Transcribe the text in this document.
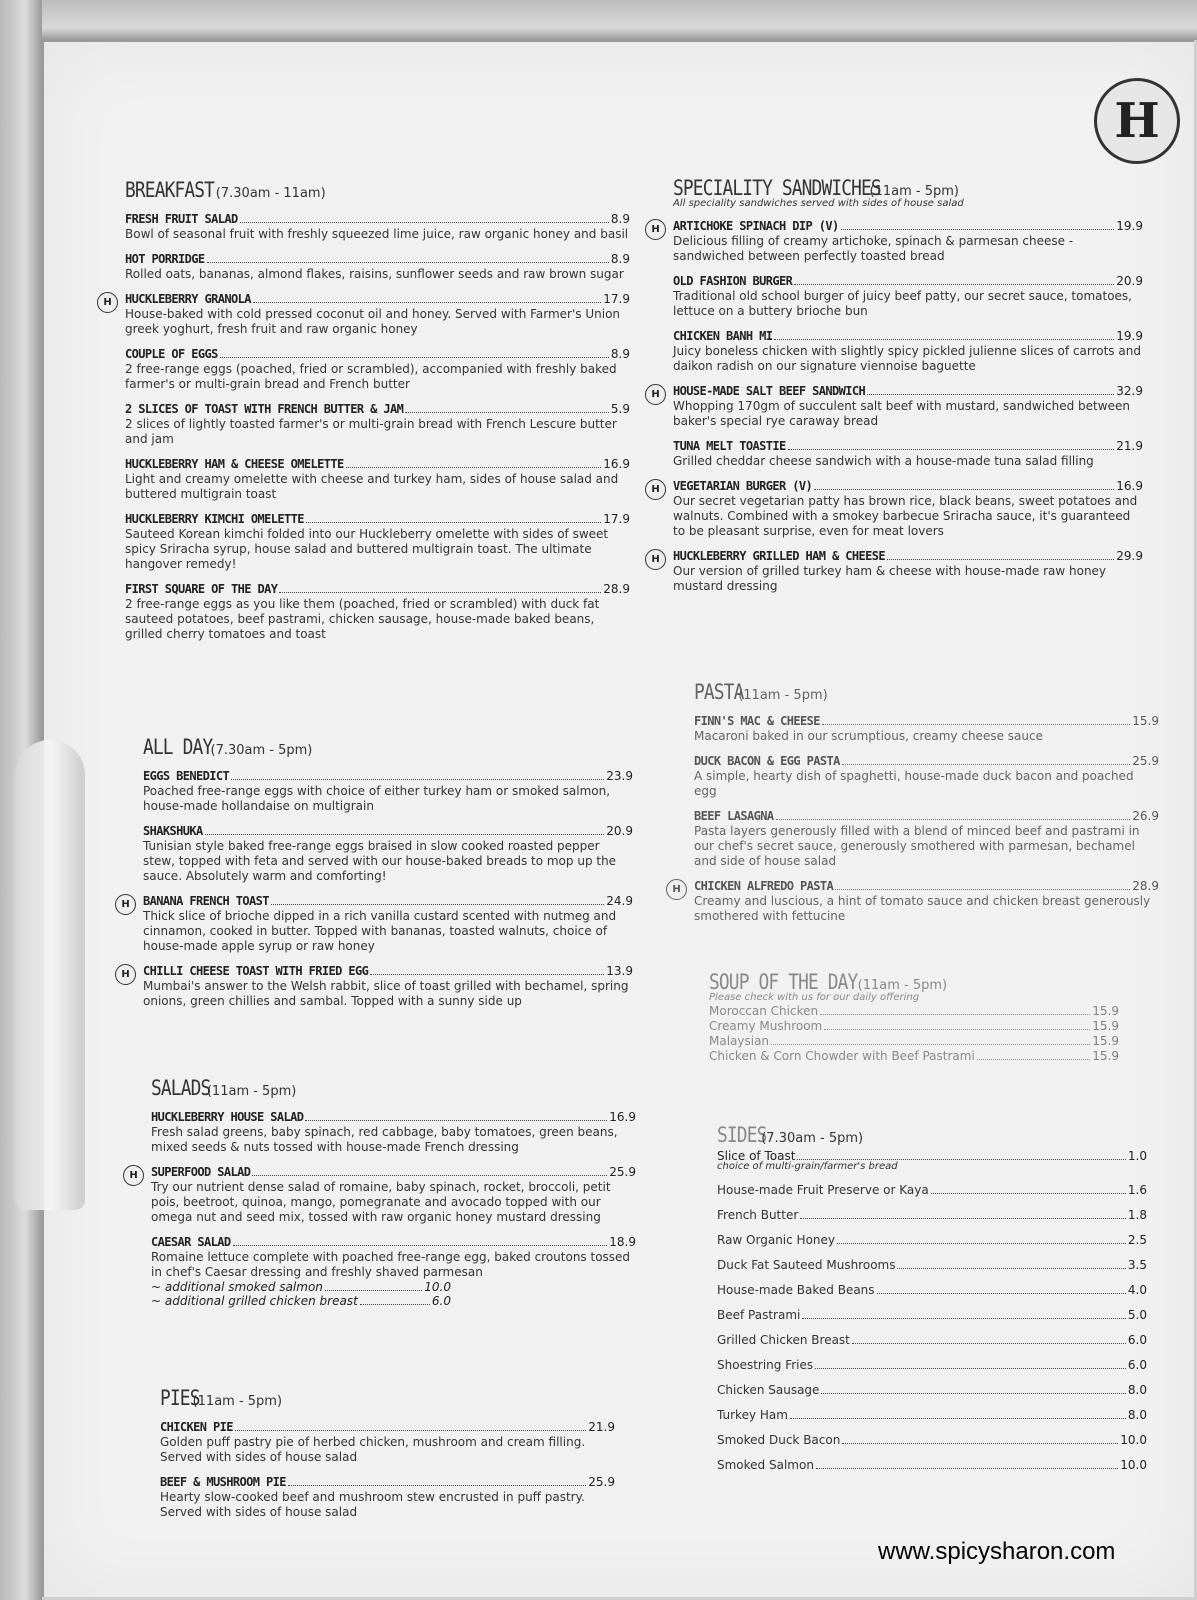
H
BREAKFAST (7.30am - 11am)
FRESH FRUIT SALAD	8.9
Bowl of seasonal fruit with freshly squeezed lime juice, raw organic honey and basil
HOT PORRIDGE	8.9
Rolled oats, bananas, almond flakes, raisins, sunflower seeds and raw brown sugar
H	HUCKLEBERRY GRANOLA	17.9
House-baked with cold pressed coconut oil and honey. Served with Farmer's Union greek yoghurt, fresh fruit and raw organic honey
COUPLE OF EGGS	8.9
2 free-range eggs (poached, fried or scrambled), accompanied with freshly baked farmer's or multi-grain bread and French butter
2 SLICES OF TOAST WITH FRENCH BUTTER & JAM	5.9
2 slices of lightly toasted farmer's or multi-grain bread with French Lescure butter and jam
HUCKLEBERRY HAM & CHEESE OMELETTE	16.9
Light and creamy omelette with cheese and turkey ham, sides of house salad and buttered multigrain toast
HUCKLEBERRY KIMCHI OMELETTE	17.9
Sauteed Korean kimchi folded into our Huckleberry omelette with sides of sweet spicy Sriracha syrup, house salad and buttered multigrain toast. The ultimate hangover remedy!
FIRST SQUARE OF THE DAY	28.9
2 free-range eggs as you like them (poached, fried or scrambled) with duck fat sauteed potatoes, beef pastrami, chicken sausage, house-made baked beans, grilled cherry tomatoes and toast
ALL DAY(7.30am - 5pm)
EGGS BENEDICT	23.9
Poached free-range eggs with choice of either turkey ham or smoked salmon, house-made hollandaise on multigrain
SHAKSHUKA	20.9
Tunisian style baked free-range eggs braised in slow cooked roasted pepper stew, topped with feta and served with our house-baked breads to mop up the sauce. Absolutely warm and comforting!
H	BANANA FRENCH TOAST	24.9
Thick slice of brioche dipped in a rich vanilla custard scented with nutmeg and cinnamon, cooked in butter. Topped with bananas, toasted walnuts, choice of house-made apple syrup or raw honey
H	CHILLI CHEESE TOAST WITH FRIED EGG	13.9
Mumbai's answer to the Welsh rabbit, slice of toast grilled with bechamel, spring onions, green chillies and sambal. Topped with a sunny side up
SALADS(11am - 5pm)
HUCKLEBERRY HOUSE SALAD	16.9
Fresh salad greens, baby spinach, red cabbage, baby tomatoes, green beans, mixed seeds & nuts tossed with house-made French dressing
H	SUPERFOOD SALAD	25.9
Try our nutrient dense salad of romaine, baby spinach, rocket, broccoli, petit pois, beetroot, quinoa, mango, pomegranate and avocado topped with our omega nut and seed mix, tossed with raw organic honey mustard dressing
CAESAR SALAD	18.9
Romaine lettuce complete with poached free-range egg, baked croutons tossed in chef's Caesar dressing and freshly shaved parmesan
~ additional smoked salmon	10.0
~ additional grilled chicken breast	6.0
PIES(11am - 5pm)
CHICKEN PIE	21.9
Golden puff pastry pie of herbed chicken, mushroom and cream filling. Served with sides of house salad
BEEF & MUSHROOM PIE	25.9
Hearty slow-cooked beef and mushroom stew encrusted in puff pastry. Served with sides of house salad
SPECIALITY SANDWICHES(11am - 5pm)
All speciality sandwiches served with sides of house salad
H	ARTICHOKE SPINACH DIP (V)	19.9
Delicious filling of creamy artichoke, spinach & parmesan cheese - sandwiched between perfectly toasted bread
OLD FASHION BURGER	20.9
Traditional old school burger of juicy beef patty, our secret sauce, tomatoes, lettuce on a buttery brioche bun
CHICKEN BANH MI	19.9
Juicy boneless chicken with slightly spicy pickled julienne slices of carrots and daikon radish on our signature viennoise baguette
H	HOUSE-MADE SALT BEEF SANDWICH	32.9
Whopping 170gm of succulent salt beef with mustard, sandwiched between baker's special rye caraway bread
TUNA MELT TOASTIE	21.9
Grilled cheddar cheese sandwich with a house-made tuna salad filling
H	VEGETARIAN BURGER (V)	16.9
Our secret vegetarian patty has brown rice, black beans, sweet potatoes and walnuts. Combined with a smokey barbecue Sriracha sauce, it's guaranteed to be pleasant surprise, even for meat lovers
H	HUCKLEBERRY GRILLED HAM & CHEESE	29.9
Our version of grilled turkey ham & cheese with house-made raw honey mustard dressing
PASTA(11am - 5pm)
FINN'S MAC & CHEESE	15.9
Macaroni baked in our scrumptious, creamy cheese sauce
DUCK BACON & EGG PASTA	25.9
A simple, hearty dish of spaghetti, house-made duck bacon and poached egg
BEEF LASAGNA	26.9
Pasta layers generously filled with a blend of minced beef and pastrami in our chef's secret sauce, generously smothered with parmesan, bechamel and side of house salad
H	CHICKEN ALFREDO PASTA	28.9
Creamy and luscious, a hint of tomato sauce and chicken breast generously smothered with fettucine
SOUP OF THE DAY(11am - 5pm)
Please check with us for our daily offering
Moroccan Chicken	15.9
Creamy Mushroom	15.9
Malaysian	15.9
Chicken & Corn Chowder with Beef Pastrami	15.9
SIDES(7.30am - 5pm)
Slice of Toast	1.0
choice of multi-grain/farmer's bread
House-made Fruit Preserve or Kaya	1.6
French Butter	1.8
Raw Organic Honey	2.5
Duck Fat Sauteed Mushrooms	3.5
House-made Baked Beans	4.0
Beef Pastrami	5.0
Grilled Chicken Breast	6.0
Shoestring Fries	6.0
Chicken Sausage	8.0
Turkey Ham	8.0
Smoked Duck Bacon	10.0
Smoked Salmon	10.0
www.spicysharon.com
